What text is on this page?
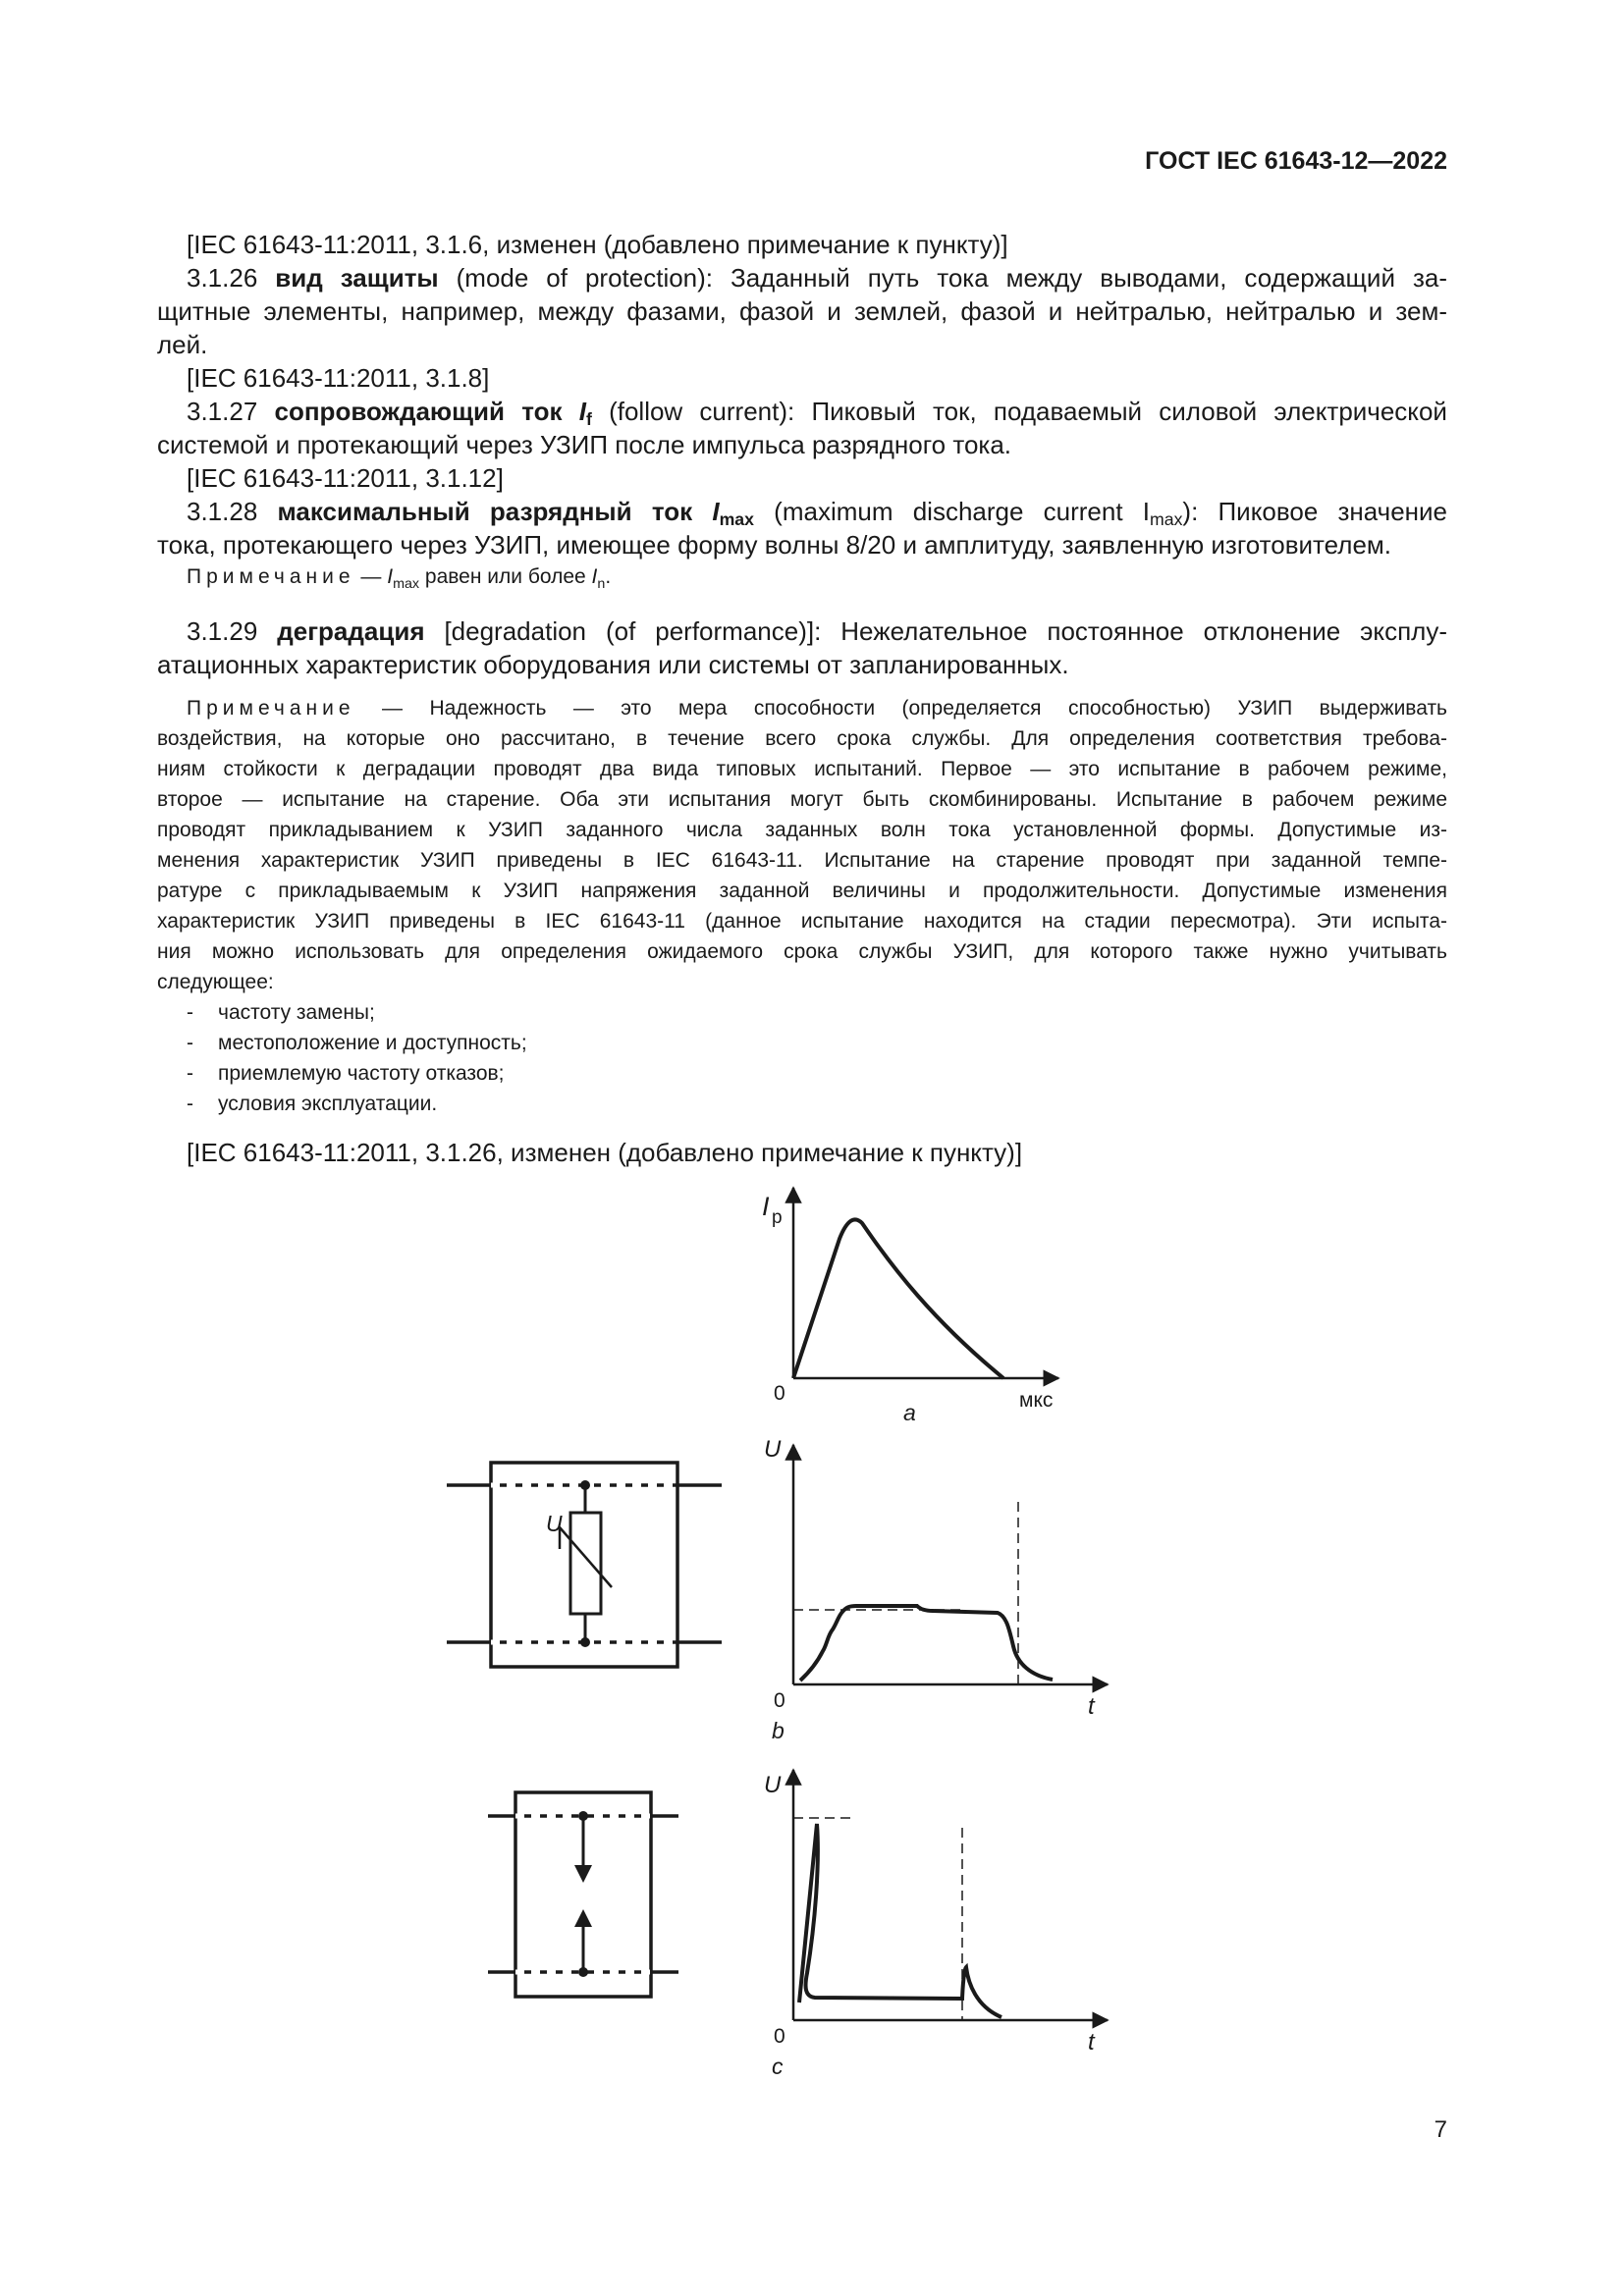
ГОСТ IEC 61643-12—2022
[IEC 61643-11:2011, 3.1.6, изменен (добавлено примечание к пункту)]
3.1.26 вид защиты (mode of protection): Заданный путь тока между выводами, содержащий за-
щитные элементы, например, между фазами, фазой и землей, фазой и нейтралью, нейтралью и зем-
лей.
[IEC 61643-11:2011, 3.1.8]
3.1.27 сопровождающий ток $I_f$ (follow current): Пиковый ток, подаваемый силовой электрической
системой и протекающий через УЗИП после импульса разрядного тока.
[IEC 61643-11:2011, 3.1.12]
3.1.28 максимальный разрядный ток $I_{max}$ (maximum discharge current $I_{max}$): Пиковое значение
тока, протекающего через УЗИП, имеющее форму волны 8/20 и амплитуду, заявленную изготовителем.
Примечание — $I_{max}$ равен или более $I_n$.
3.1.29 деградация [degradation (of performance)]: Нежелательное постоянное отклонение эксплу-
атационных характеристик оборудования или системы от запланированных.
Примечание — Надежность — это мера способности (определяется способностью) УЗИП выдерживать
воздействия, на которые оно рассчитано, в течение всего срока службы. Для определения соответствия требова-
ниям стойкости к деградации проводят два вида типовых испытаний. Первое — это испытание в рабочем режиме,
второе — испытание на старение. Оба эти испытания могут быть скомбинированы. Испытание в рабочем режиме
проводят прикладыванием к УЗИП заданного числа заданных волн тока установленной формы. Допустимые из-
менения характеристик УЗИП приведены в IEC 61643-11. Испытание на старение проводят при заданной темпе-
ратуре с прикладываемым к УЗИП напряжения заданной величины и продолжительности. Допустимые изменения
характеристик УЗИП приведены в IEC 61643-11 (данное испытание находится на стадии пересмотра). Эти испыта-
ния можно использовать для определения ожидаемого срока службы УЗИП, для которого также нужно учитывать
следующее:
- частоту замены;
- местоположение и доступность;
- приемлемую частоту отказов;
- условия эксплуатации.
[IEC 61643-11:2011, 3.1.26, изменен (добавлено примечание к пункту)]
I p
0	мкс
a
U
U
0	t
b
U
0	t
c
7
